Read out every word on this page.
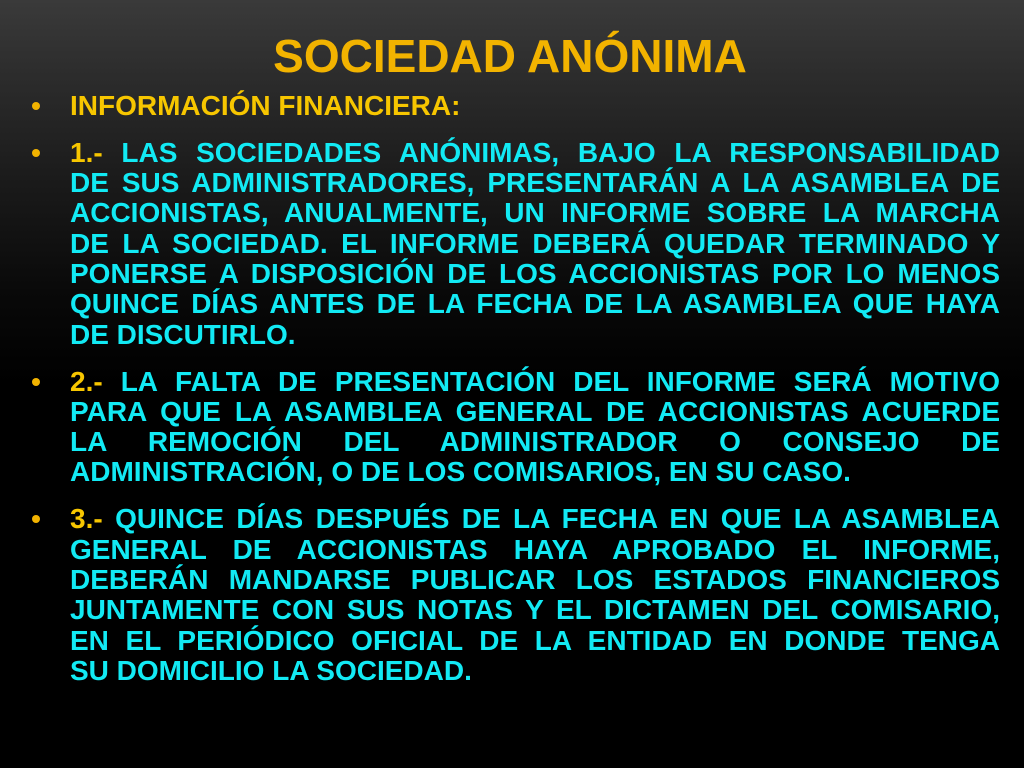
SOCIEDAD ANÓNIMA
INFORMACIÓN FINANCIERA:
1.- LAS SOCIEDADES ANÓNIMAS, BAJO LA RESPONSABILIDAD
DE SUS ADMINISTRADORES, PRESENTARÁN A LA ASAMBLEA DE
ACCIONISTAS, ANUALMENTE, UN INFORME SOBRE LA MARCHA
DE LA SOCIEDAD. EL INFORME DEBERÁ QUEDAR TERMINADO Y
PONERSE A DISPOSICIÓN DE LOS ACCIONISTAS POR LO MENOS
QUINCE DÍAS ANTES DE LA FECHA DE LA ASAMBLEA QUE HAYA
DE DISCUTIRLO.
2.- LA FALTA DE PRESENTACIÓN DEL INFORME SERÁ MOTIVO
PARA QUE LA ASAMBLEA GENERAL DE ACCIONISTAS ACUERDE
LA REMOCIÓN DEL ADMINISTRADOR O CONSEJO DE
ADMINISTRACIÓN, O DE LOS COMISARIOS, EN SU CASO.
3.- QUINCE DÍAS DESPUÉS DE LA FECHA EN QUE LA ASAMBLEA
GENERAL DE ACCIONISTAS HAYA APROBADO EL INFORME,
DEBERÁN MANDARSE PUBLICAR LOS ESTADOS FINANCIEROS
JUNTAMENTE CON SUS NOTAS Y EL DICTAMEN DEL COMISARIO,
EN EL PERIÓDICO OFICIAL DE LA ENTIDAD EN DONDE TENGA
SU DOMICILIO LA SOCIEDAD.
